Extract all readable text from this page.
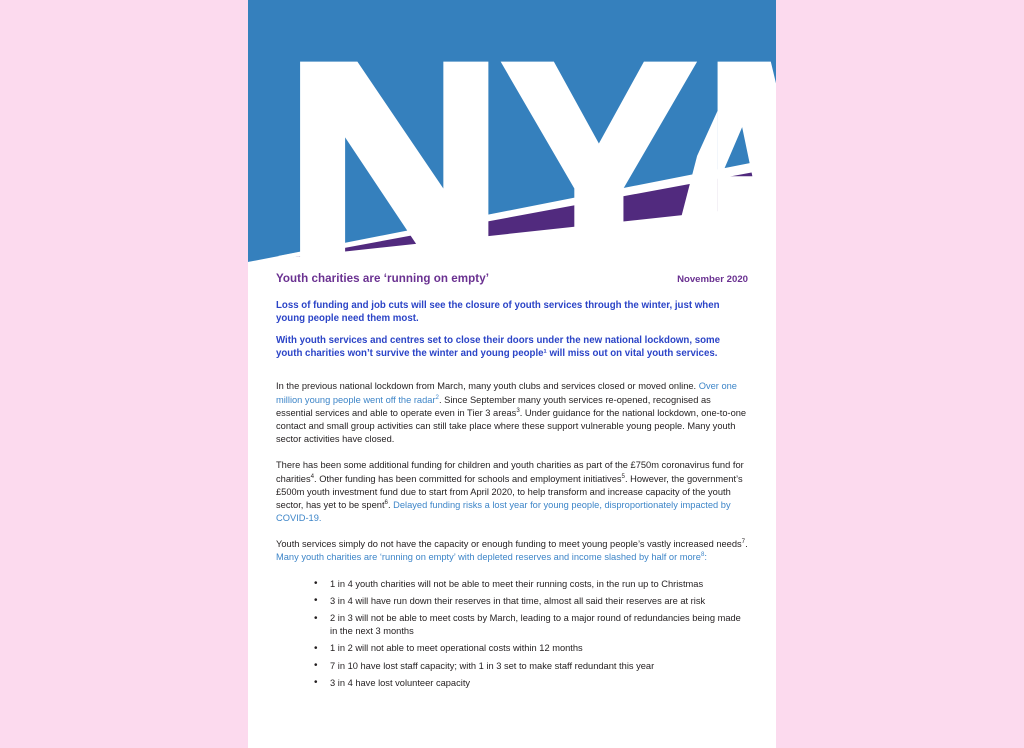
Youth charities are ‘running on empty’	November 2020

Loss of funding and job cuts will see the closure of youth services through the winter, just when young people need them most.

With youth services and centres set to close their doors under the new national lockdown, some youth charities won’t survive the winter and young people¹ will miss out on vital youth services.

In the previous national lockdown from March, many youth clubs and services closed or moved online. Over one million young people went off the radar$^2$. Since September many youth services re-opened, recognised as essential services and able to operate even in Tier 3 areas$^3$. Under guidance for the national lockdown, one-to-one contact and small group activities can still take place where these support vulnerable young people. Many youth sector activities have closed.

There has been some additional funding for children and youth charities as part of the £750m coronavirus fund for charities$^4$. Other funding has been committed for schools and employment initiatives$^5$. However, the government’s £500m youth investment fund due to start from April 2020, to help transform and increase capacity of the youth sector, has yet to be spent$^6$. Delayed funding risks a lost year for young people, disproportionately impacted by COVID-19.

Youth services simply do not have the capacity or enough funding to meet young people’s vastly increased needs$^7$. Many youth charities are ‘running on empty’ with depleted reserves and income slashed by half or more$^8$:

• 1 in 4 youth charities will not be able to meet their running costs, in the run up to Christmas
• 3 in 4 will have run down their reserves in that time, almost all said their reserves are at risk
• 2 in 3 will not be able to meet costs by March, leading to a major round of redundancies being made in the next 3 months
• 1 in 2 will not able to meet operational costs within 12 months
• 7 in 10 have lost staff capacity; with 1 in 3 set to make staff redundant this year
• 3 in 4 have lost volunteer capacity
